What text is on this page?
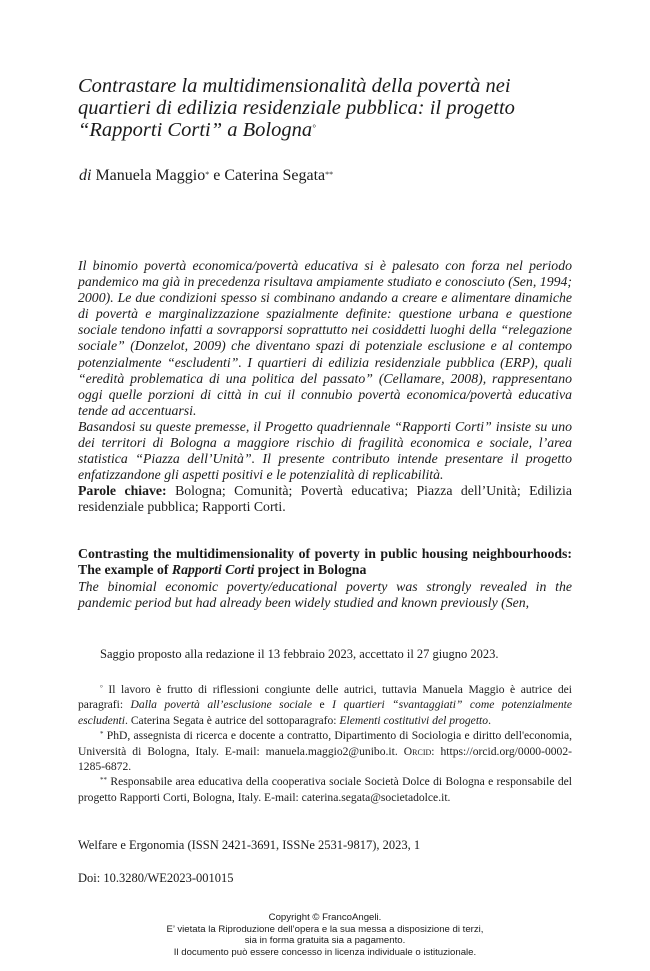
Contrastare la multidimensionalità della povertà nei
quartieri di edilizia residenziale pubblica: il progetto
“Rapporti Corti” a Bologna°
di Manuela Maggio* e Caterina Segata**

Il binomio povertà economica/povertà educativa si è palesato con forza nel periodo pandemico ma già in precedenza risultava ampiamente studiato e conosciuto (Sen, 1994; 2000). Le due condizioni spesso si combinano andando a creare e alimentare dinamiche di povertà e marginalizzazione spazialmente definite: questione urbana e questione sociale tendono infatti a sovrapporsi soprattutto nei cosiddetti luoghi della “relegazione sociale” (Donzelot, 2009) che diventano spazi di potenziale esclusione e al contempo potenzialmente “escludenti”. I quartieri di edilizia residenziale pubblica (ERP), quali “eredità problematica di una politica del passato” (Cellamare, 2008), rappresentano oggi quelle porzioni di città in cui il connubio povertà economica/povertà educativa tende ad accentuarsi.

Basandosi su queste premesse, il Progetto quadriennale “Rapporti Corti” insiste su uno dei territori di Bologna a maggiore rischio di fragilità economica e sociale, l’area statistica “Piazza dell’Unità”. Il presente contributo intende presentare il progetto enfatizzandone gli aspetti positivi e le potenzialità di replicabilità.

Parole chiave: Bologna; Comunità; Povertà educativa; Piazza dell’Unità; Edilizia residenziale pubblica; Rapporti Corti.

Contrasting the multidimensionality of poverty in public housing neighbourhoods: The example of Rapporti Corti project in Bologna
The binomial economic poverty/educational poverty was strongly revealed in the pandemic period but had already been widely studied and known previously (Sen,
Saggio proposto alla redazione il 13 febbraio 2023, accettato il 27 giugno 2023.

° Il lavoro è frutto di riflessioni congiunte delle autrici, tuttavia Manuela Maggio è autrice dei paragrafi: Dalla povertà all’esclusione sociale e I quartieri “svantaggiati” come potenzialmente escludenti. Caterina Segata è autrice del sottoparagrafo: Elementi costitutivi del progetto.

* PhD, assegnista di ricerca e docente a contratto, Dipartimento di Sociologia e diritto dell'economia, Università di Bologna, Italy. E-mail: manuela.maggio2@unibo.it. Orcid: https://orcid.org/0000-0002-1285-6872.

** Responsabile area educativa della cooperativa sociale Società Dolce di Bologna e responsabile del progetto Rapporti Corti, Bologna, Italy. E-mail: caterina.segata@societadolce.it.

Welfare e Ergonomia (ISSN 2421-3691, ISSNe 2531-9817), 2023, 1
Doi: 10.3280/WE2023-001015
Copyright © FrancoAngeli.
E’ vietata la Riproduzione dell’opera e la sua messa a disposizione di terzi,
sia in forma gratuita sia a pagamento.
Il documento può essere concesso in licenza individuale o istituzionale.
